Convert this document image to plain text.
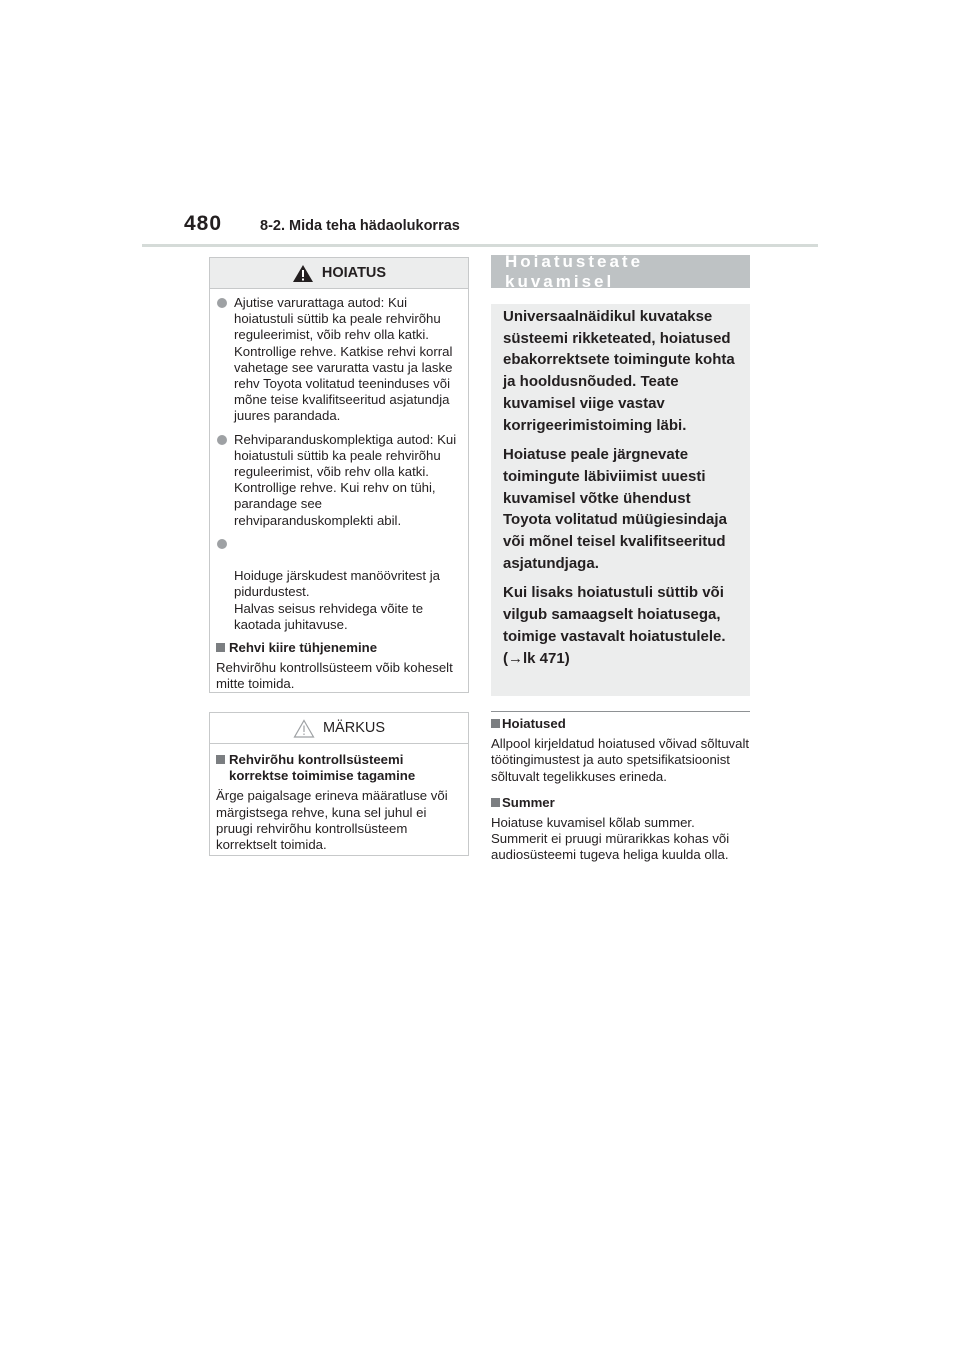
480	8-2. Mida teha hädaolukorras
HOIATUS
Ajutise varurattaga autod: Kui hoiatustuli süttib ka peale rehvirõhu reguleerimist, võib rehv olla katki. Kontrollige rehve. Katkise rehvi korral vahetage see varuratta vastu ja laske rehv Toyota volitatud teeninduses või mõne teise kvalifitseeritud asjatundja juures parandada.
Rehviparanduskomplektiga autod: Kui hoiatustuli süttib ka peale rehvirõhu reguleerimist, võib rehv olla katki. Kontrollige rehve. Kui rehv on tühi, parandage see rehviparanduskomplekti abil.

Hoiduge järskudest manöövritest ja pidurdustest.
Halvas seisus rehvidega võite te kaotada juhitavuse.

Rehvi kiire tühjenemine
Rehvirõhu kontrollsüsteem võib koheselt mitte toimida.
MÄRKUS
Rehvirõhu kontrollsüsteemi korrektse toimimise tagamine
Ärge paigalsage erineva määratluse või märgistsega rehve, kuna sel juhul ei pruugi rehvirõhu kontrollsüsteem korrektselt toimida.
Hoiatusteate kuvamisel

Universaalnäidikul kuvatakse süsteemi rikketeated, hoiatused ebakorrektsete toimingute kohta ja hooldusnõuded. Teate kuvamisel viige vastav korrigeerimistoiming läbi.

Hoiatuse peale järgnevate toimingute läbiviimist uuesti kuvamisel võtke ühendust Toyota volitatud müügiesindaja või mõnel teisel kvalifitseeritud asjatundjaga.

Kui lisaks hoiatustuli süttib või vilgub samaagselt hoiatusega, toimige vastavalt hoiatustulele. (→lk 471)

Hoiatused
Allpool kirjeldatud hoiatused võivad sõltuvalt töötingimustest ja auto spetsifikatsioonist sõltuvalt tegelikkuses erineda.
Summer
Hoiatuse kuvamisel kõlab summer. Summerit ei pruugi mürarikkas kohas või audiosüsteemi tugeva heliga kuulda olla.
